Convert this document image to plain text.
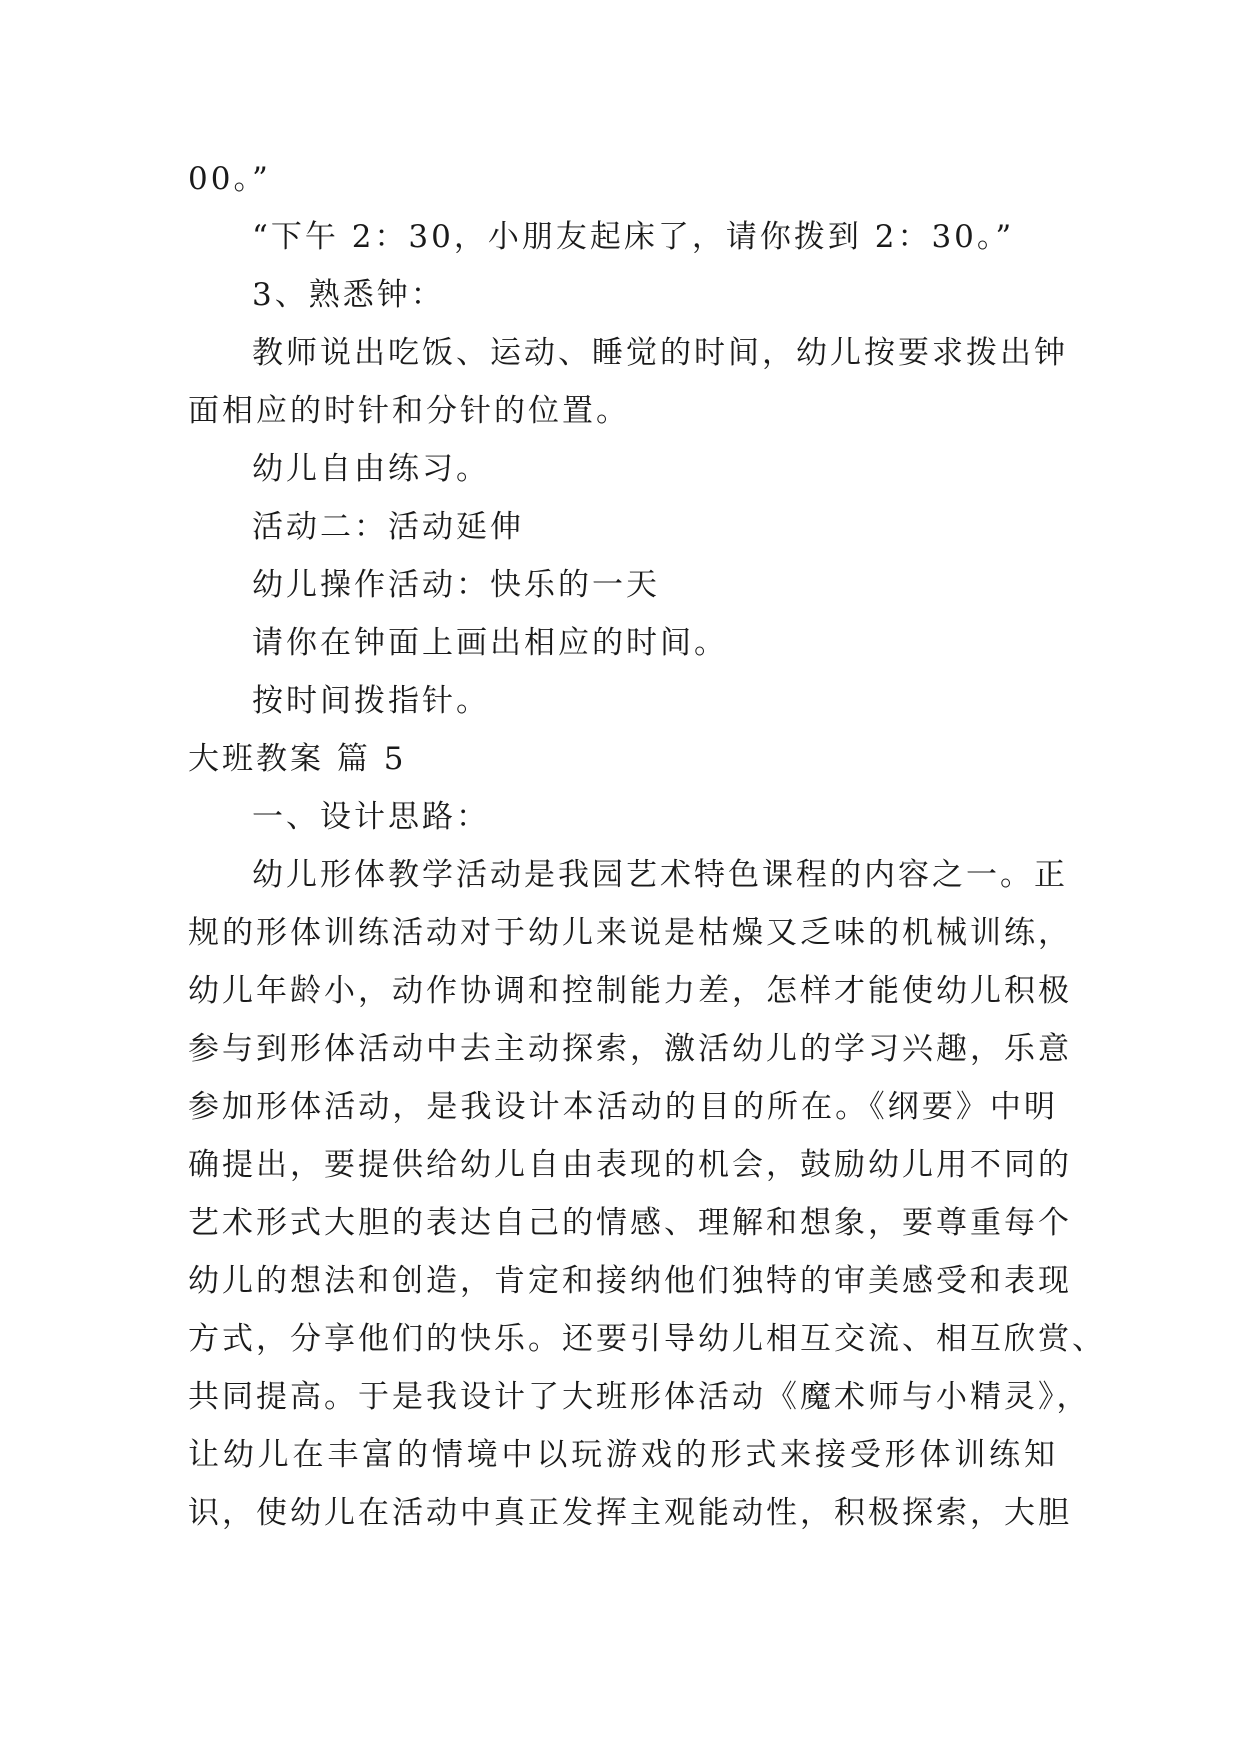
00。”
“下午 2：30，小朋友起床了，请你拨到 2：30。”
3、熟悉钟：
教师说出吃饭、运动、睡觉的时间，幼儿按要求拨出钟
面相应的时针和分针的位置。
幼儿自由练习。
活动二：活动延伸
幼儿操作活动：快乐的一天
请你在钟面上画出相应的时间。
按时间拨指针。
大班教案 篇 5
一、设计思路：
幼儿形体教学活动是我园艺术特色课程的内容之一。正
规的形体训练活动对于幼儿来说是枯燥又乏味的机械训练，
幼儿年龄小，动作协调和控制能力差，怎样才能使幼儿积极
参与到形体活动中去主动探索，激活幼儿的学习兴趣，乐意
参加形体活动，是我设计本活动的目的所在。《纲要》中明
确提出，要提供给幼儿自由表现的机会，鼓励幼儿用不同的
艺术形式大胆的表达自己的情感、理解和想象，要尊重每个
幼儿的想法和创造，肯定和接纳他们独特的审美感受和表现
方式，分享他们的快乐。还要引导幼儿相互交流、相互欣赏、
共同提高。于是我设计了大班形体活动《魔术师与小精灵》，
让幼儿在丰富的情境中以玩游戏的形式来接受形体训练知
识，使幼儿在活动中真正发挥主观能动性，积极探索，大胆
